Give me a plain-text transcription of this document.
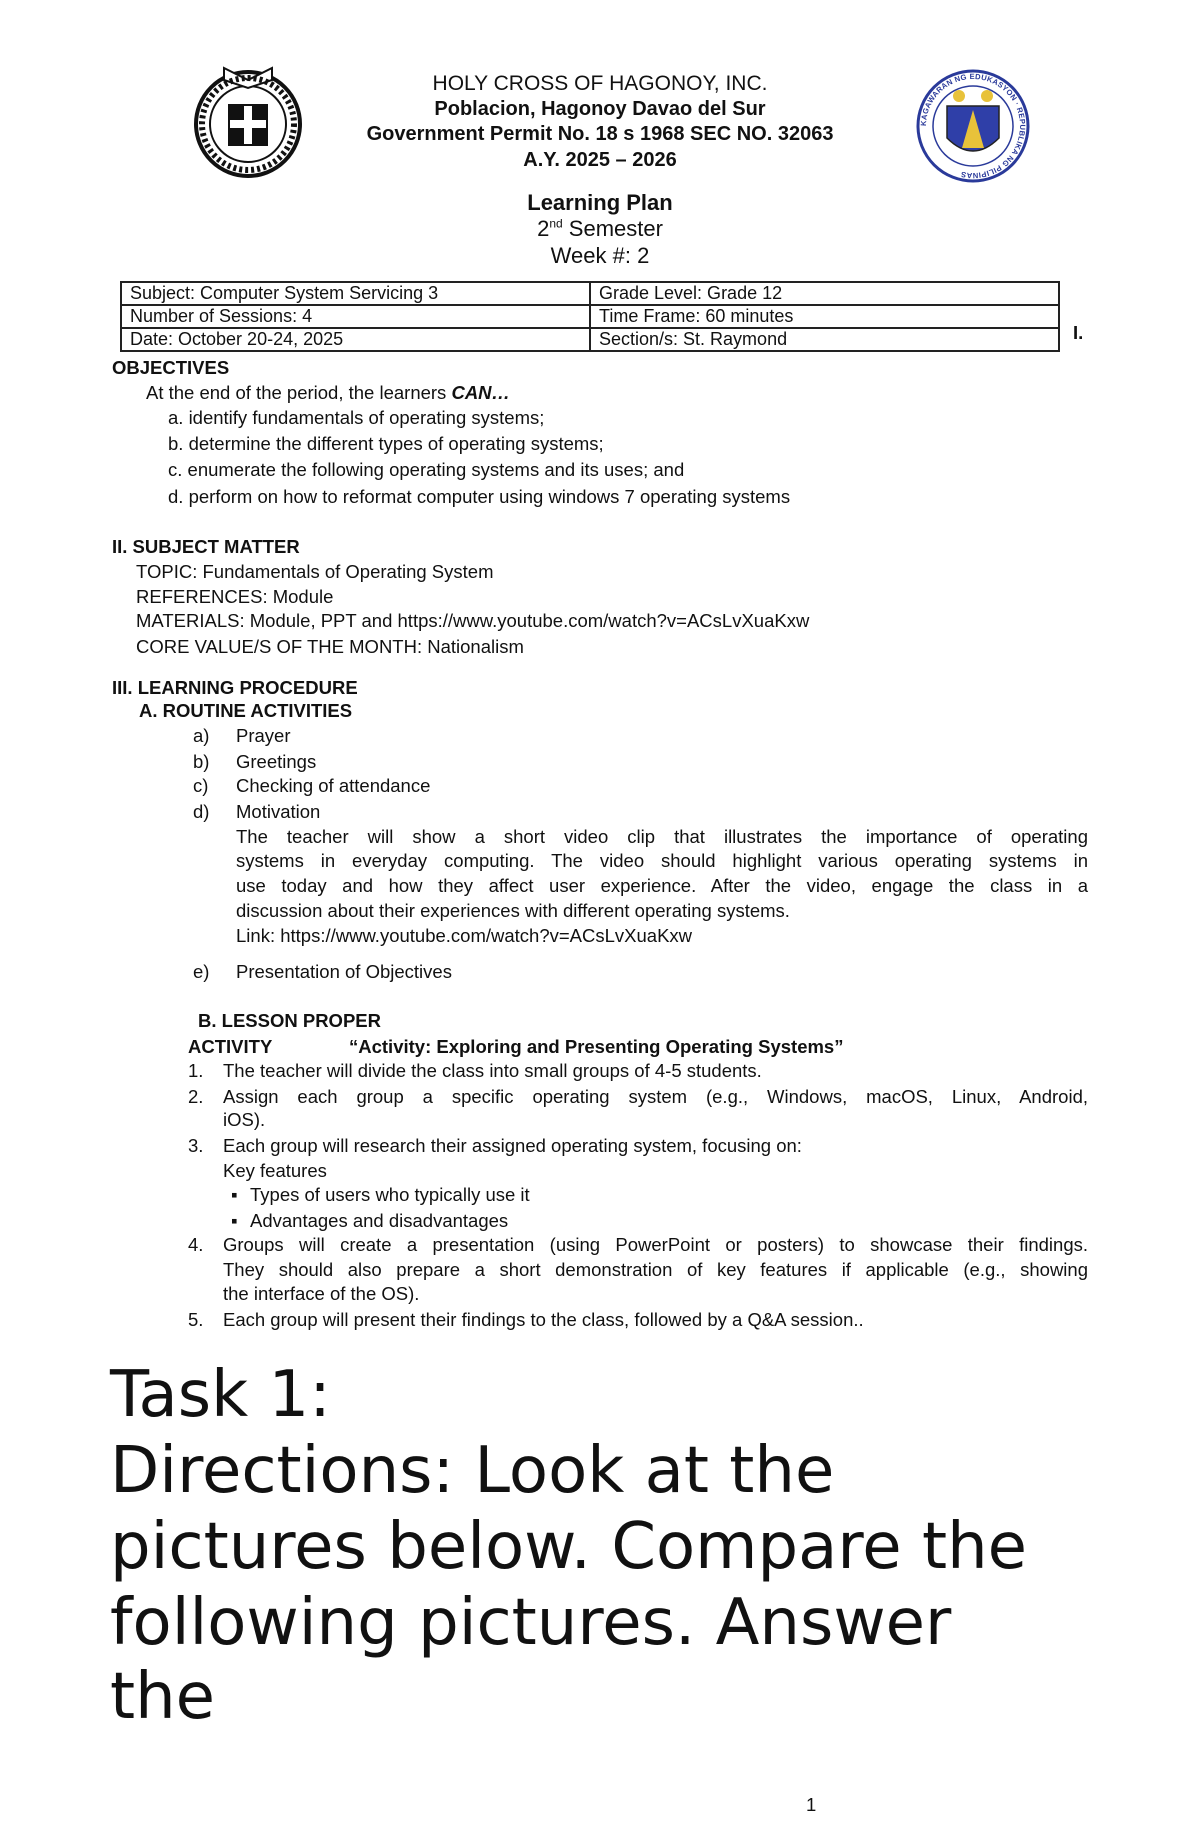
KAGAWARAN NG EDUKASYON · REPUBLIKA NG PILIPINAS
HOLY CROSS OF HAGONOY, INC.
Poblacion, Hagonoy Davao del Sur
Government Permit No. 18 s 1968 SEC NO. 32063
A.Y. 2025 – 2026
Learning Plan
2nd Semester
Week #: 2
Subject: Computer System Servicing 3	Grade Level: Grade 12
Number of Sessions: 4	Time Frame: 60 minutes
Date: October 20-24, 2025	Section/s: St. Raymond	I.
OBJECTIVES
At the end of the period, the learners CAN…
a. identify fundamentals of operating systems;
b. determine the different types of operating systems;
c. enumerate the following operating systems and its uses; and
d. perform on how to reformat computer using windows 7 operating systems
II. SUBJECT MATTER
TOPIC: Fundamentals of Operating System
REFERENCES: Module
MATERIALS: Module, PPT and https://www.youtube.com/watch?v=ACsLvXuaKxw
CORE VALUE/S OF THE MONTH: Nationalism
III. LEARNING PROCEDURE
A. ROUTINE ACTIVITIES
a) Prayer
b) Greetings
c) Checking of attendance
d) Motivation
The teacher will show a short video clip that illustrates the importance of operating
systems in everyday computing. The video should highlight various operating systems in
use today and how they affect user experience. After the video, engage the class in a
discussion about their experiences with different operating systems.
Link: https://www.youtube.com/watch?v=ACsLvXuaKxw
e) Presentation of Objectives
B. LESSON PROPER
ACTIVITY	“Activity: Exploring and Presenting Operating Systems”
1. The teacher will divide the class into small groups of 4-5 students.
2. Assign each group a specific operating system (e.g., Windows, macOS, Linux, Android,
iOS).
3. Each group will research their assigned operating system, focusing on:
Key features
▪ Types of users who typically use it
▪ Advantages and disadvantages
4. Groups will create a presentation (using PowerPoint or posters) to showcase their findings.
They should also prepare a short demonstration of key features if applicable (e.g., showing
the interface of the OS).
5. Each group will present their findings to the class, followed by a Q&A session..
Task 1:
Directions: Look at the
pictures below. Compare the
following pictures. Answer
the
1
